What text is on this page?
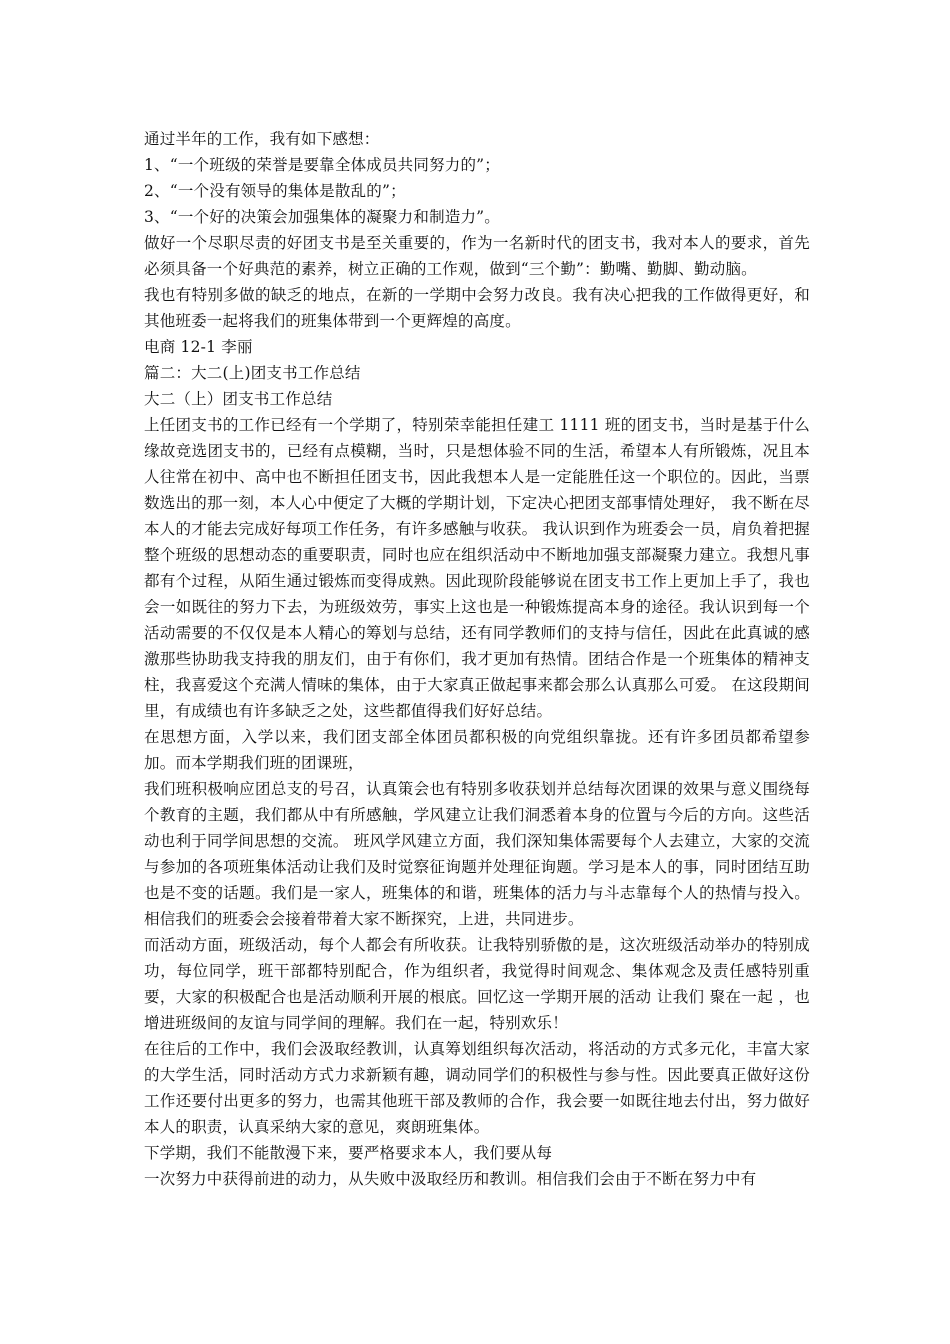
通过半年的工作，我有如下感想：

1、“一个班级的荣誉是要靠全体成员共同努力的”；

2、“一个没有领导的集体是散乱的”；

3、“一个好的决策会加强集体的凝聚力和制造力”。

做好一个尽职尽责的好团支书是至关重要的，作为一名新时代的团支书，我对本人的要求，首先必须具备一个好典范的素养，树立正确的工作观，做到“三个勤”：勤嘴、勤脚、勤动脑。

我也有特别多做的缺乏的地点，在新的一学期中会努力改良。我有决心把我的工作做得更好，和其他班委一起将我们的班集体带到一个更辉煌的高度。

电商 12-1 李丽

篇二：大二(上)团支书工作总结

大二（上）团支书工作总结

上任团支书的工作已经有一个学期了，特别荣幸能担任建工 1111 班的团支书，当时是基于什么缘故竞选团支书的，已经有点模糊，当时，只是想体验不同的生活，希望本人有所锻炼，况且本人往常在初中、高中也不断担任团支书，因此我想本人是一定能胜任这一个职位的。因此，当票数选出的那一刻，本人心中便定了大概的学期计划，下定决心把团支部事情处理好， 我不断在尽本人的才能去完成好每项工作任务，有许多感触与收获。 我认识到作为班委会一员，肩负着把握整个班级的思想动态的重要职责，同时也应在组织活动中不断地加强支部凝聚力建立。我想凡事都有个过程，从陌生通过锻炼而变得成熟。因此现阶段能够说在团支书工作上更加上手了，我也会一如既往的努力下去，为班级效劳，事实上这也是一种锻炼提高本身的途径。我认识到每一个活动需要的不仅仅是本人精心的筹划与总结，还有同学教师们的支持与信任，因此在此真诚的感激那些协助我支持我的朋友们，由于有你们，我才更加有热情。团结合作是一个班集体的精神支柱，我喜爱这个充满人情味的集体，由于大家真正做起事来都会那么认真那么可爱。 在这段期间里，有成绩也有许多缺乏之处，这些都值得我们好好总结。

在思想方面，入学以来，我们团支部全体团员都积极的向党组织靠拢。还有许多团员都希望参加。而本学期我们班的团课班，

我们班积极响应团总支的号召，认真策会也有特别多收获划并总结每次团课的效果与意义围绕每个教育的主题，我们都从中有所感触，学风建立让我们洞悉着本身的位置与今后的方向。这些活动也利于同学间思想的交流。 班风学风建立方面，我们深知集体需要每个人去建立，大家的交流与参加的各项班集体活动让我们及时觉察征询题并处理征询题。学习是本人的事，同时团结互助也是不变的话题。我们是一家人，班集体的和谐，班集体的活力与斗志靠每个人的热情与投入。相信我们的班委会会接着带着大家不断探究，上进，共同进步。

而活动方面，班级活动，每个人都会有所收获。让我特别骄傲的是，这次班级活动举办的特别成功，每位同学，班干部都特别配合，作为组织者，我觉得时间观念、集体观念及责任感特别重要，大家的积极配合也是活动顺利开展的根底。回忆这一学期开展的活动 让我们 聚在一起 ，也增进班级间的友谊与同学间的理解。我们在一起，特别欢乐！

在往后的工作中，我们会汲取经教训，认真筹划组织每次活动，将活动的方式多元化，丰富大家的大学生活，同时活动方式力求新颖有趣，调动同学们的积极性与参与性。因此要真正做好这份工作还要付出更多的努力，也需其他班干部及教师的合作，我会要一如既往地去付出，努力做好本人的职责，认真采纳大家的意见，爽朗班集体。

下学期，我们不能散漫下来，要严格要求本人，我们要从每

一次努力中获得前进的动力，从失败中汲取经历和教训。相信我们会由于不断在努力中有
